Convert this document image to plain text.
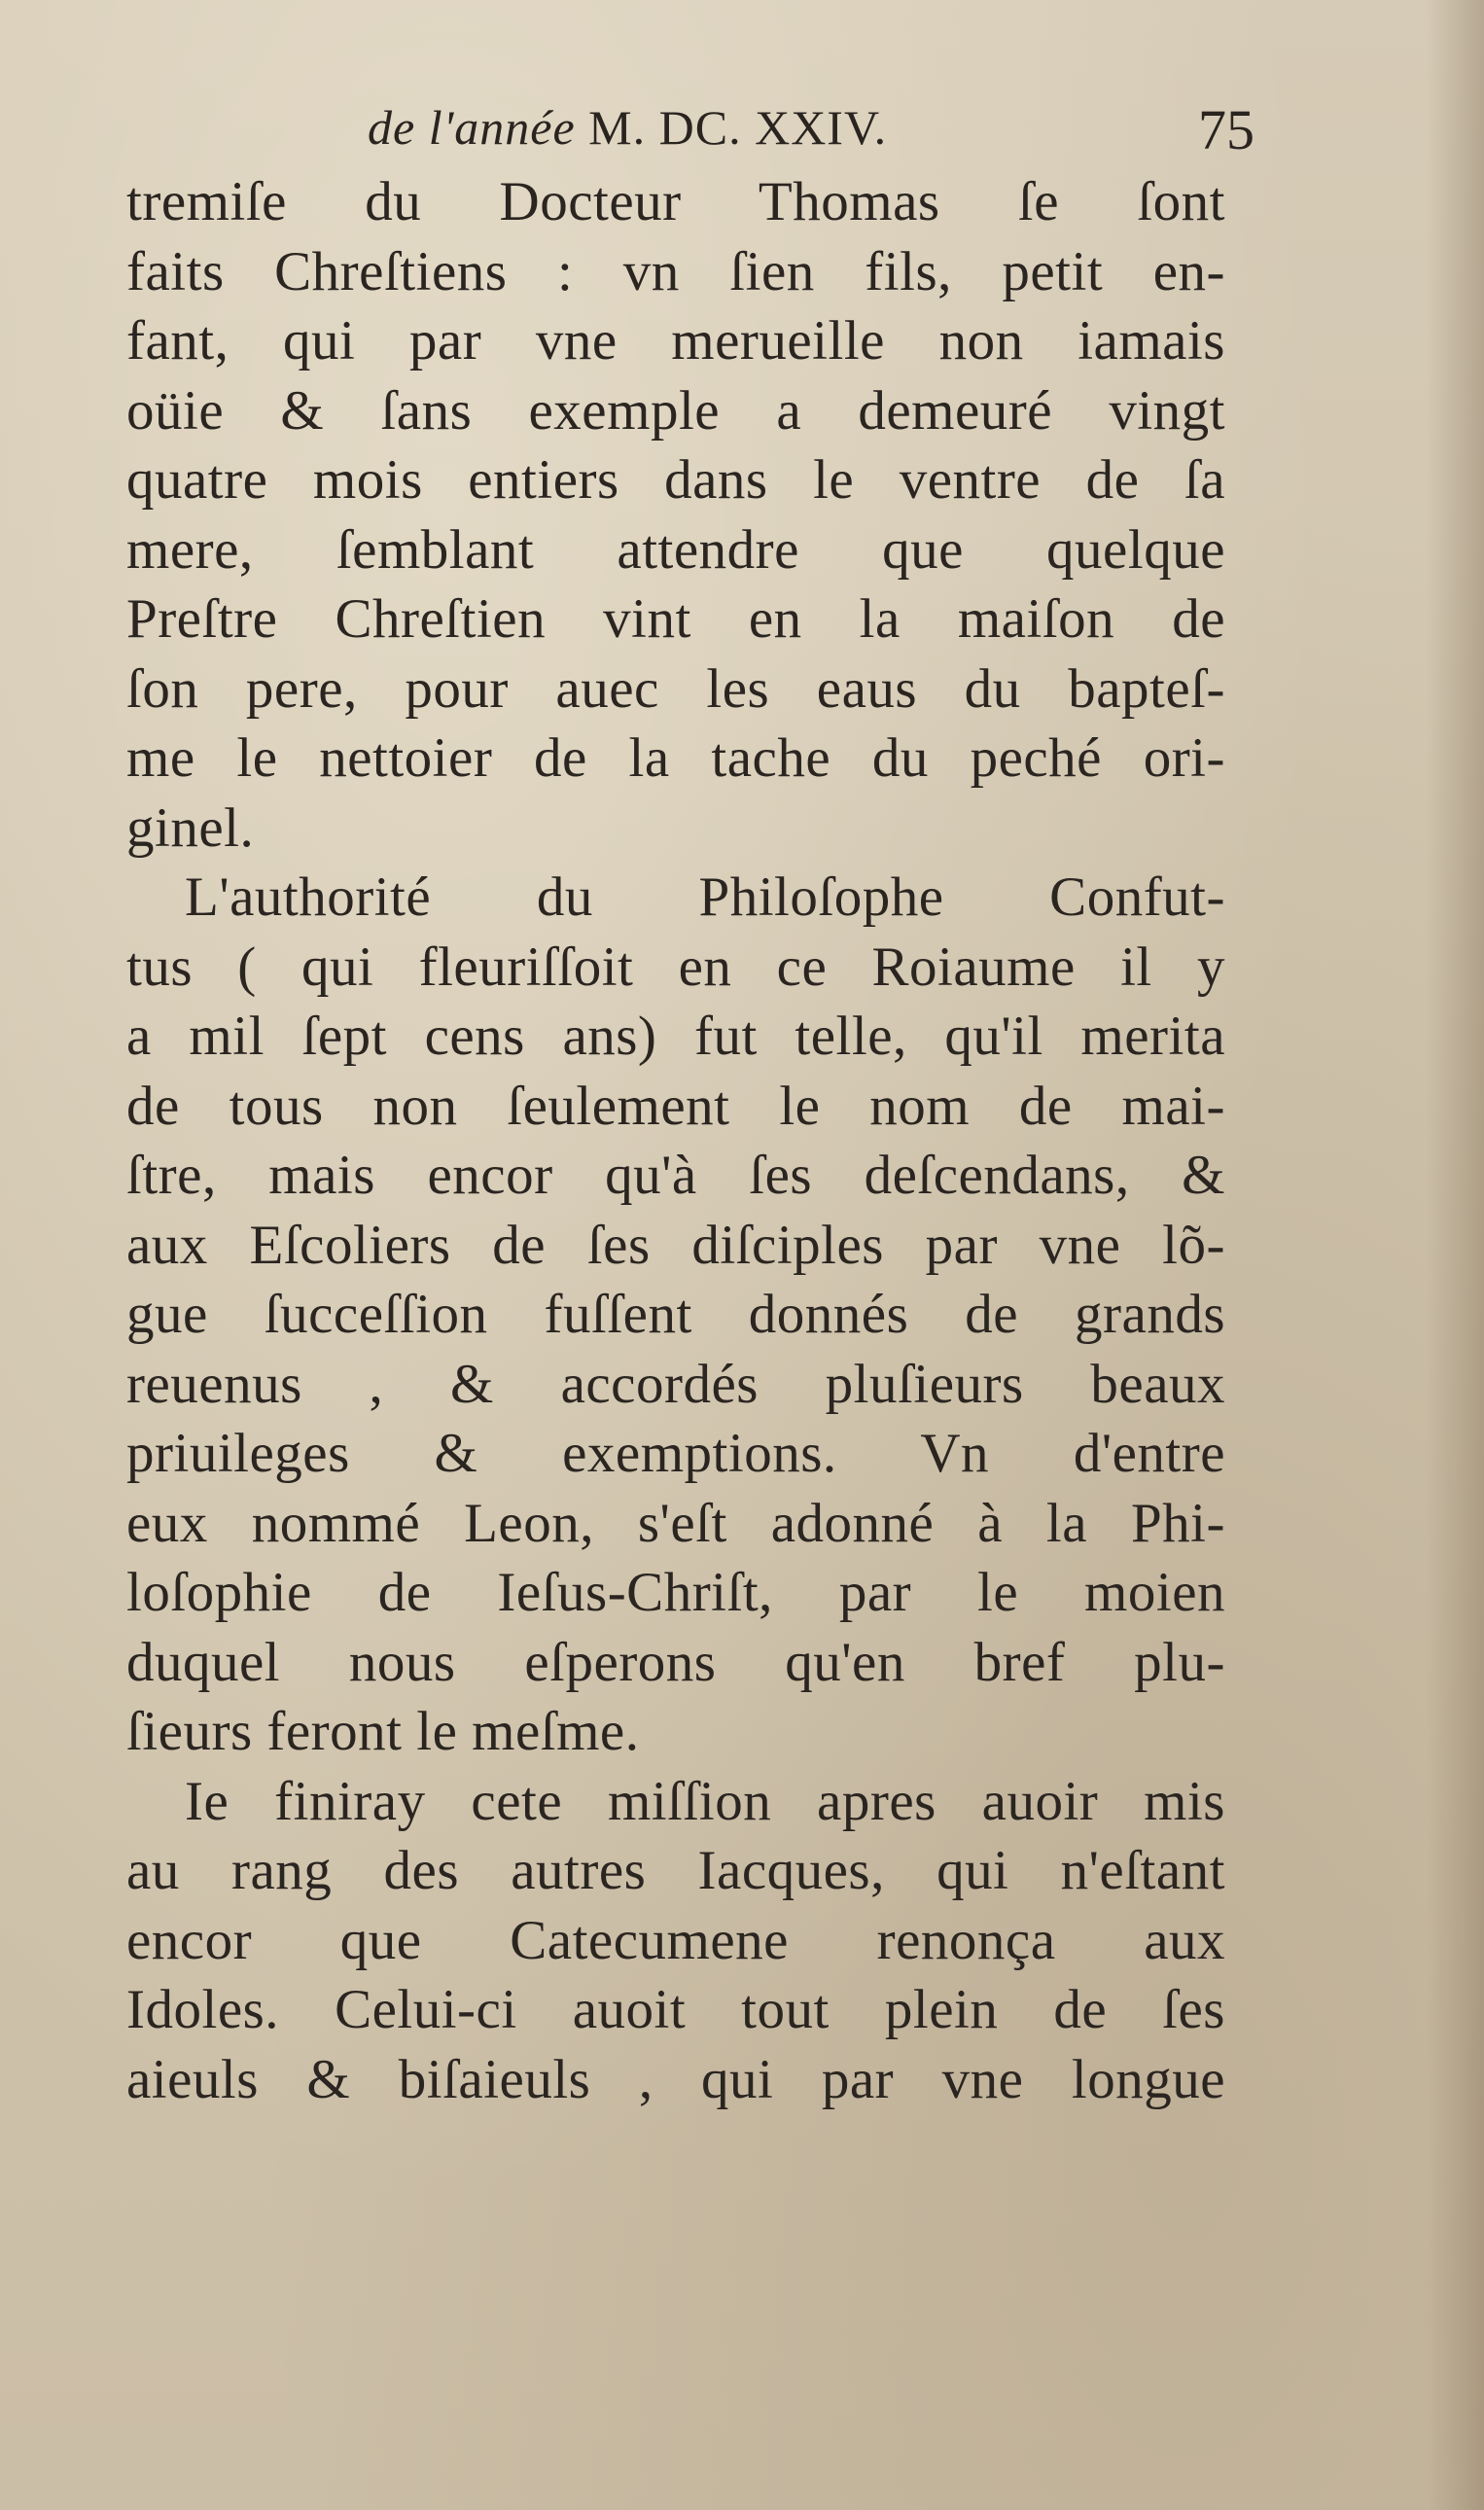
de l'année M. DC. XXIV.	75
tremiſe du Docteur Thomas ſe ſont
faits Chreſtiens : vn ſien fils, petit en-
fant, qui par vne merueille non iamais
oüie & ſans exemple a demeuré vingt
quatre mois entiers dans le ventre de ſa
mere, ſemblant attendre que quelque
Preſtre Chreſtien vint en la maiſon de
ſon pere, pour auec les eaus du bapteſ-
me le nettoier de la tache du peché ori-
ginel.
L'authorité du Philoſophe Confut-
tus ( qui fleuriſſoit en ce Roiaume il y
a mil ſept cens ans) fut telle, qu'il merita
de tous non ſeulement le nom de mai-
ſtre, mais encor qu'à ſes deſcendans, &
aux Eſcoliers de ſes diſciples par vne lõ-
gue ſucceſſion fuſſent donnés de grands
reuenus , & accordés pluſieurs beaux
priuileges & exemptions. Vn d'entre
eux nommé Leon, s'eſt adonné à la Phi-
loſophie de Ieſus-Chriſt, par le moien
duquel nous eſperons qu'en bref plu-
ſieurs feront le meſme.
Ie finiray cete miſſion apres auoir mis
au rang des autres Iacques, qui n'eſtant
encor que Catecumene renonça aux
Idoles. Celui-ci auoit tout plein de ſes
aieuls & biſaieuls , qui par vne longue
